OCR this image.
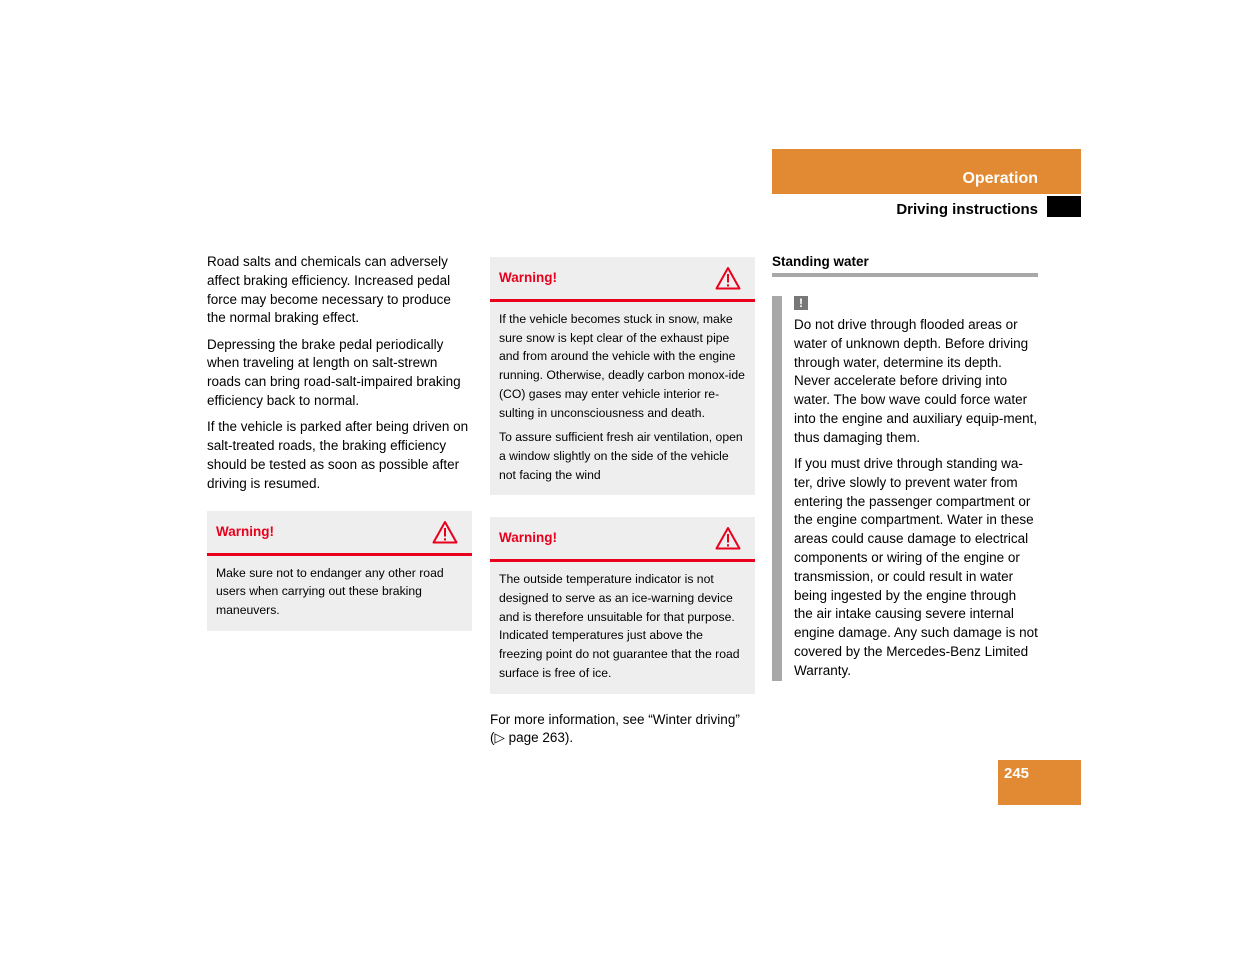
Operation
Driving instructions

Road salts and chemicals can adversely affect braking efficiency. Increased pedal force may become necessary to produce the normal braking effect.

Depressing the brake pedal periodically when traveling at length on salt-strewn roads can bring road-salt-impaired braking efficiency back to normal.

If the vehicle is parked after being driven on salt-treated roads, the braking efficiency should be tested as soon as possible after driving is resumed.

Warning!

Make sure not to endanger any other road users when carrying out these braking maneuvers.

Warning!

If the vehicle becomes stuck in snow, make sure snow is kept clear of the exhaust pipe and from around the vehicle with the engine running. Otherwise, deadly carbon monox-ide (CO) gases may enter vehicle interior re-sulting in unconsciousness and death.

To assure sufficient fresh air ventilation, open a window slightly on the side of the vehicle not facing the wind

Warning!

The outside temperature indicator is not designed to serve as an ice-warning device and is therefore unsuitable for that purpose. Indicated temperatures just above the freezing point do not guarantee that the road surface is free of ice.

For more information, see “Winter driving” (▷ page 263).

Standing water
!

Do not drive through flooded areas or water of unknown depth. Before driving through water, determine its depth. Never accelerate before driving into water. The bow wave could force water into the engine and auxiliary equip-ment, thus damaging them.

If you must drive through standing wa-ter, drive slowly to prevent water from entering the passenger compartment or the engine compartment. Water in these areas could cause damage to electrical components or wiring of the engine or transmission, or could result in water being ingested by the engine through the air intake causing severe internal engine damage. Any such damage is not covered by the Mercedes-Benz Limited Warranty.

245
